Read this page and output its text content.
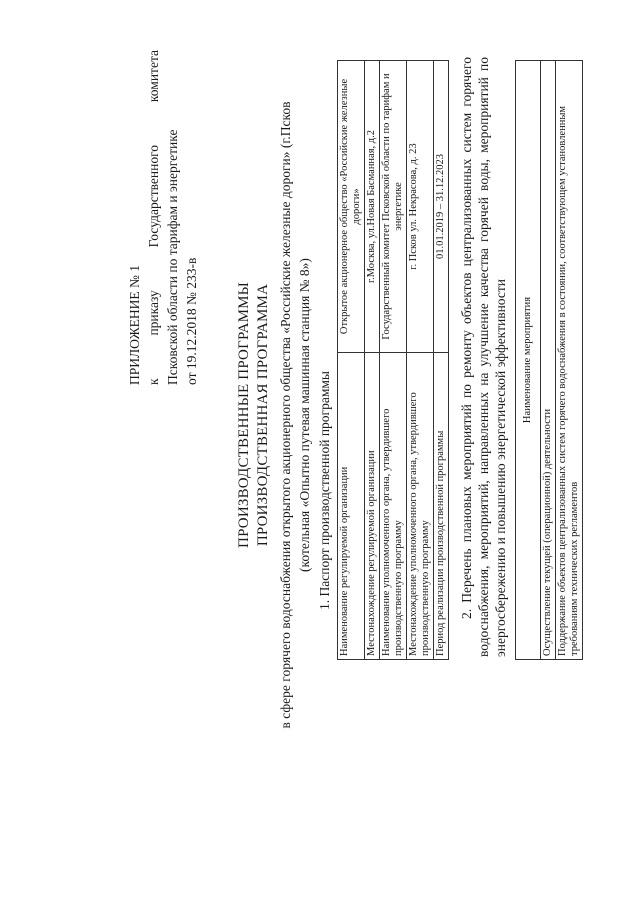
ПРИЛОЖЕНИЕ № 1 к приказу Государственного комитета Псковской области по тарифам и энергетике от 19.12.2018 № 233-в ПРОИЗВОДСТВЕННЫЕ ПРОГРАММЫ ПРОИЗВОДСТВЕННАЯ ПРОГРАММА в сфере горячего водоснабжения открытого акционерного общества «Российские железные дороги» (г.Псков (котельная «Опытно путевая машинная станция № 8») 1. Паспорт производственной программы Наименование регулируемой организации	Открытое акционерное общество «Российские железные дороги»
Местонахождение регулируемой организации	г.Москва, ул.Новая Басманная, д.2
Наименование уполномоченного органа, утвердившего производственную программу	Государственный комитет Псковской области по тарифам и энергетике
Местонахождение уполномоченного органа, утвердившего производственную программу	г. Псков ул. Некрасова, д. 23
Период реализации производственной программы	01.01.2019 – 31.12.2023 2. Перечень плановых мероприятий по ремонту объектов централизованных систем горячего водоснабжения, мероприятий, направленных на улучшение качества горячей воды, мероприятий по энергосбережению и повышению энергетической эффективности Наименование мероприятия
Осуществление текущей (операционной) деятельности
Поддержание объектов централизованных систем горячего водоснабжения в состоянии, соответствующем установленным требованиям технических регламентов
